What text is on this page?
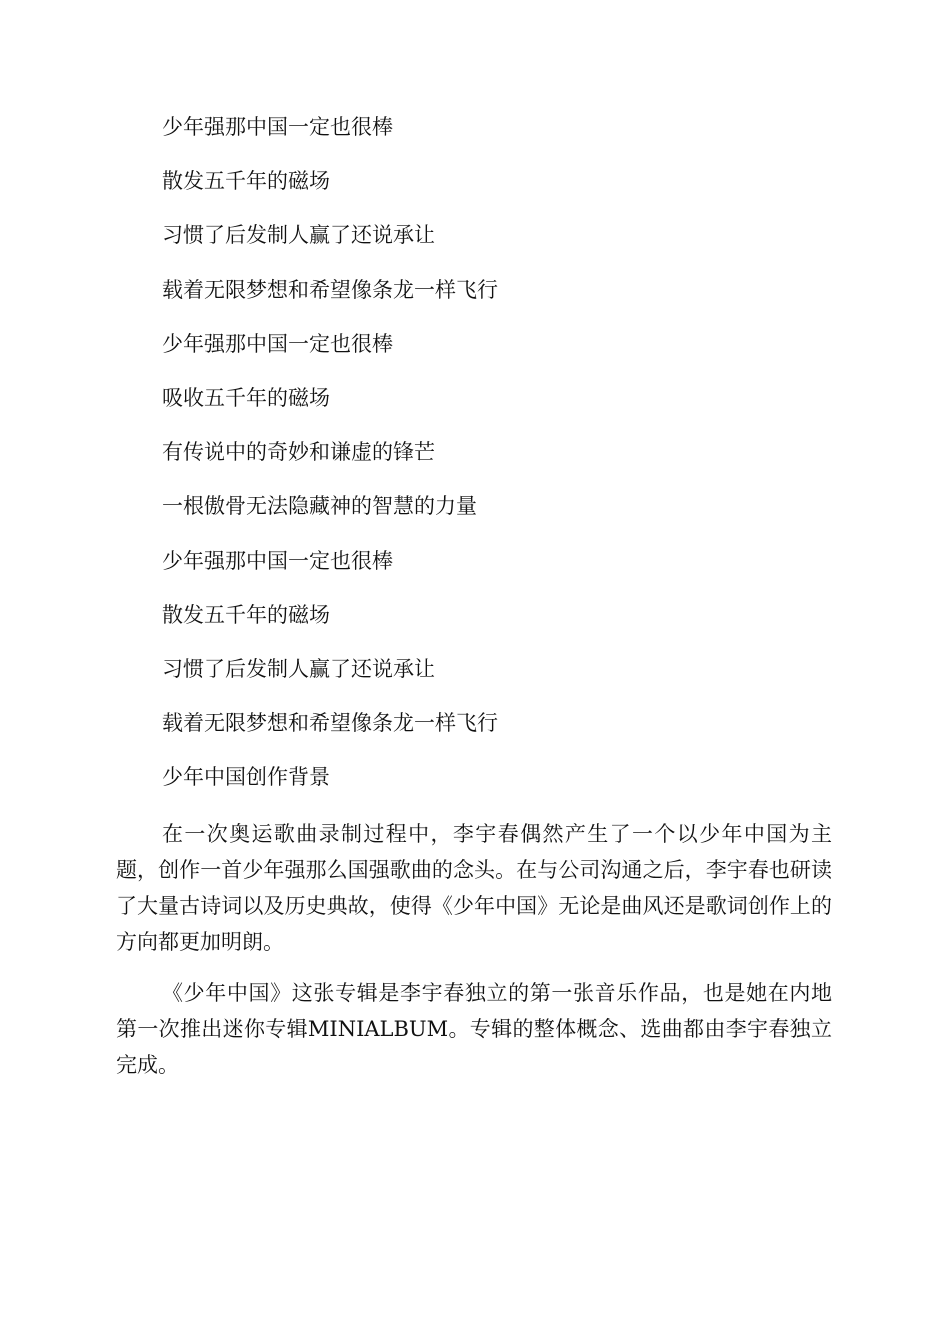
少年强那中国一定也很棒
散发五千年的磁场
习惯了后发制人赢了还说承让
载着无限梦想和希望像条龙一样飞行
少年强那中国一定也很棒
吸收五千年的磁场
有传说中的奇妙和谦虚的锋芒
一根傲骨无法隐藏神的智慧的力量
少年强那中国一定也很棒
散发五千年的磁场
习惯了后发制人赢了还说承让
载着无限梦想和希望像条龙一样飞行
少年中国创作背景

在一次奥运歌曲录制过程中，李宇春偶然产生了一个以少年中国为主题，创作一首少年强那么国强歌曲的念头。在与公司沟通之后，李宇春也研读了大量古诗词以及历史典故，使得《少年中国》无论是曲风还是歌词创作上的方向都更加明朗。

《少年中国》这张专辑是李宇春独立的第一张音乐作品，也是她在内地第一次推出迷你专辑MINIALBUM。专辑的整体概念、选曲都由李宇春独立完成。
